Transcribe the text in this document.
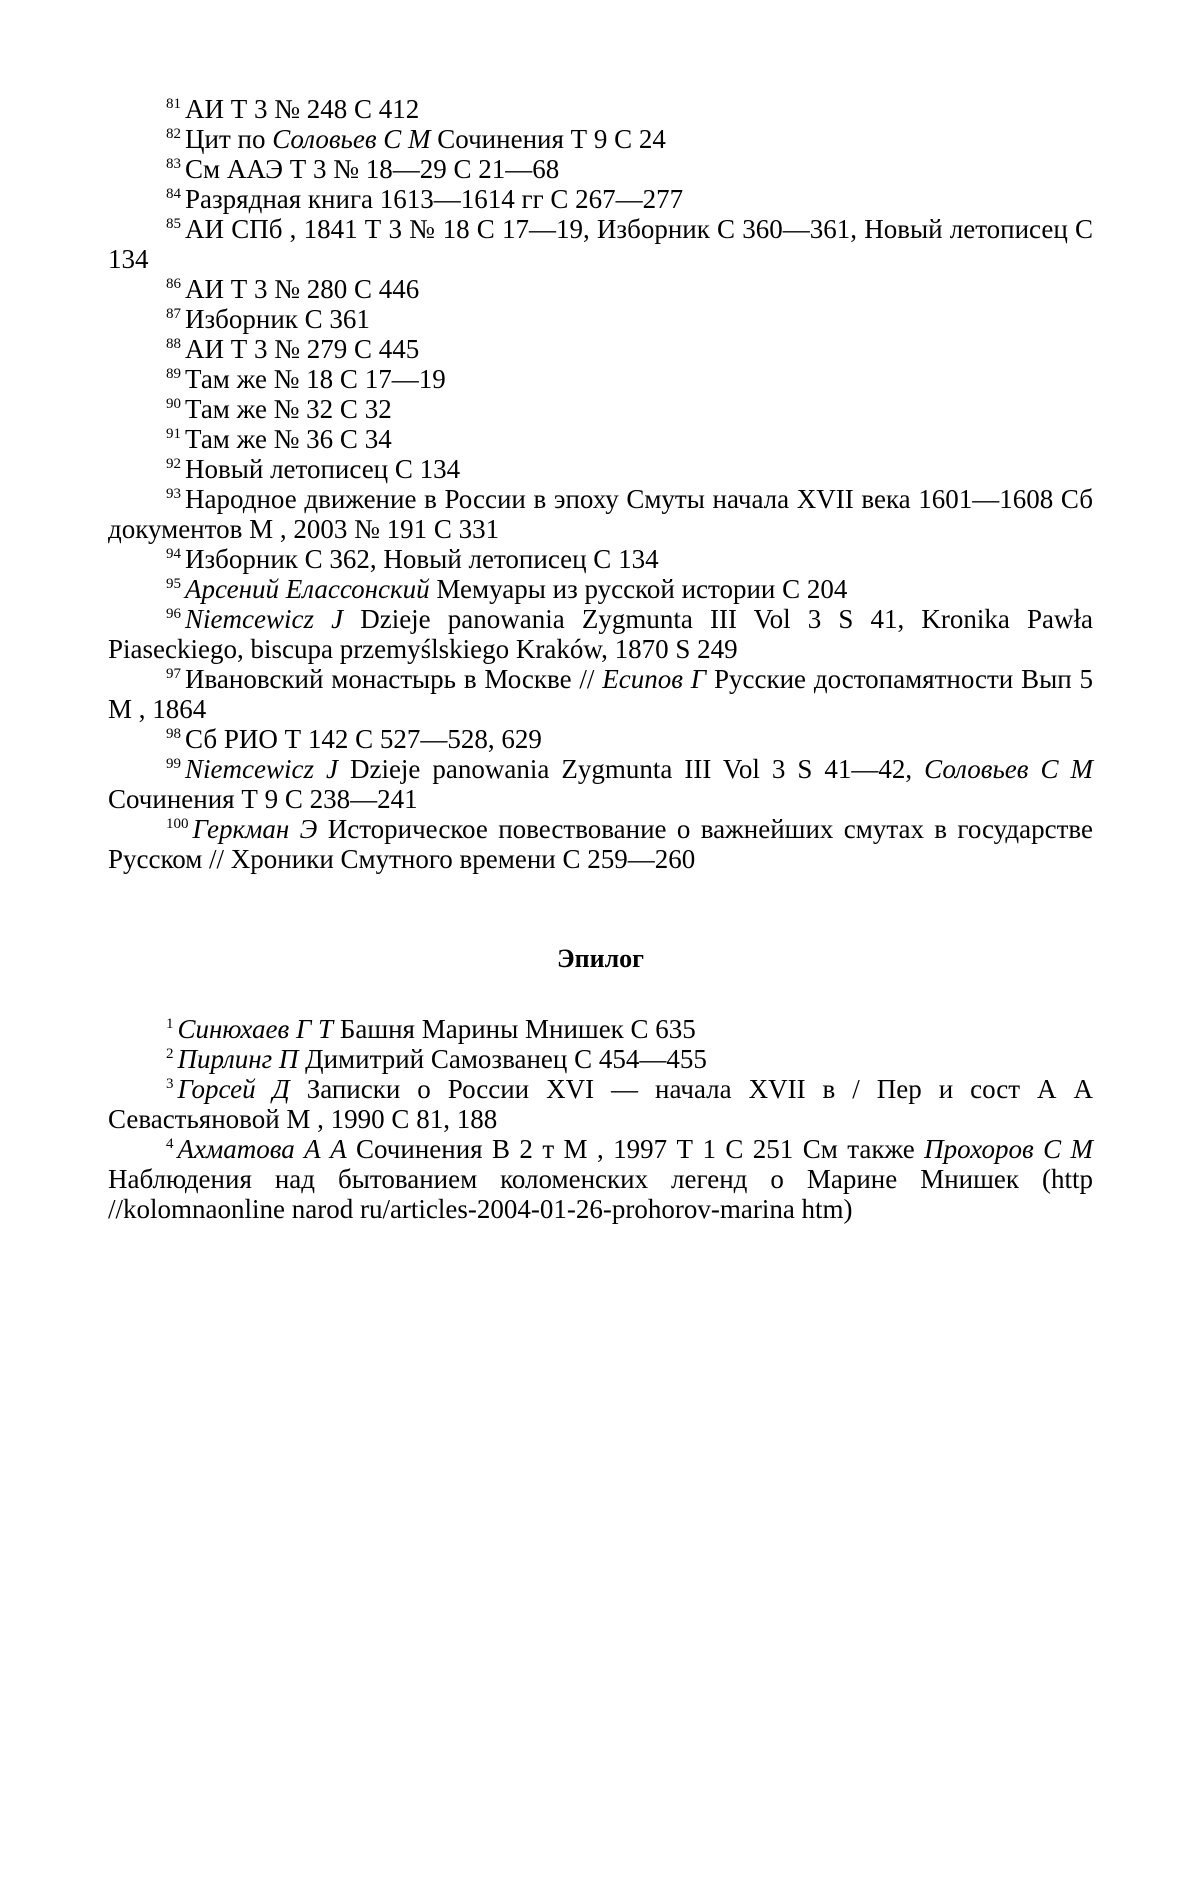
$^{81}$ АИ Т 3 № 248 С 412

$^{82}$ Цит по Соловьев С М Сочинения Т 9 С 24

$^{83}$ См ААЭ Т 3 № 18—29 С 21—68

$^{84}$ Разрядная книга 1613—1614 гг С 267—277

$^{85}$ АИ СПб , 1841 Т 3 № 18 С 17—19, Изборник С 360—361, Новый летописец С 134

$^{86}$ АИ Т 3 № 280 С 446

$^{87}$ Изборник С 361

$^{88}$ АИ Т 3 № 279 С 445

$^{89}$ Там же № 18 С 17—19

$^{90}$ Там же № 32 С 32

$^{91}$ Там же № 36 С 34

$^{92}$ Новый летописец С 134

$^{93}$ Народное движение в России в эпоху Смуты начала XVII века 1601—1608 Сб документов М , 2003 № 191 С 331

$^{94}$ Изборник С 362, Новый летописец С 134

$^{95}$ Арсений Елассонский Мемуары из русской истории С 204

$^{96}$ Niemcewicz J Dzieje panowania Zygmunta III Vol 3 S 41, Kronika Pawła Piaseckiego, biscupa przemyślskiego Kraków, 1870 S 249

$^{97}$ Ивановский монастырь в Москве // Есипов Г Русские достопамятности Вып 5 М , 1864

$^{98}$ Сб РИО Т 142 С 527—528, 629

$^{99}$ Niemcewicz J Dzieje panowania Zygmunta III Vol 3 S 41—42, Соловьев С М Сочинения Т 9 С 238—241

$^{100}$ Геркман Э Историческое повествование о важнейших смутах в государстве Русском // Хроники Смутного времени С 259—260

Эпилог

$^1$ Синюхаев Г Т Башня Марины Мнишек С 635

$^2$ Пирлинг П Димитрий Самозванец С 454—455

$^3$ Горсей Д Записки о России XVI — начала XVII в / Пер и сост А А Севастьяновой М , 1990 С 81, 188

$^4$ Ахматова А А Сочинения В 2 т М , 1997 Т 1 С 251 См также Прохоров С М Наблюдения над бытованием коломенских легенд о Марине Мнишек (http //kolomnaonline narod ru/articles-2004-01-26-prohorov-marina htm)
